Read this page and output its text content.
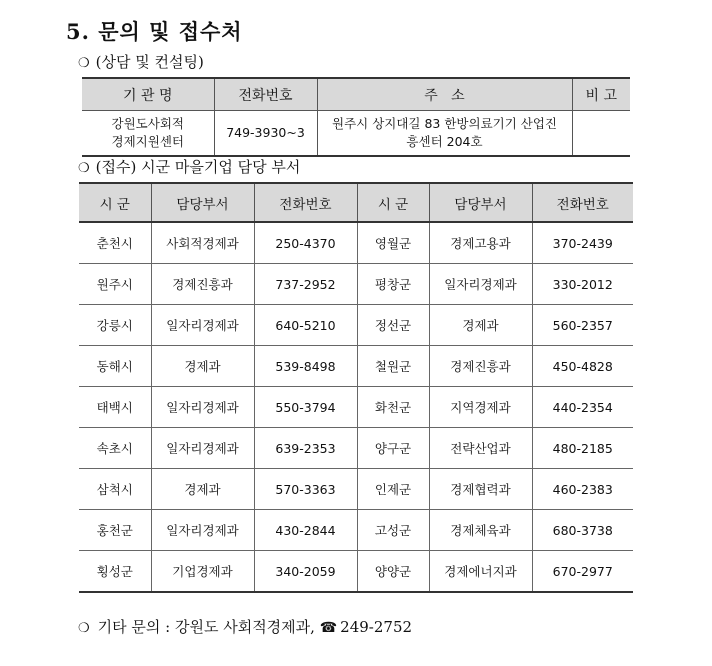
5. 문의 및 접수처
❍ (상담 및 컨설팅)
기 관 명	전화번호	주   소	비 고
강원도사회적
경제지원센터	749-3930~3	원주시 상지대길 83 한방의료기기 산업진
흥센터 204호	
❍ (접수) 시군 마을기업 담당 부서
시 군	담당부서	전화번호	시 군	담당부서	전화번호
춘천시	사회적경제과	250-4370	영월군	경제고용과	370-2439
원주시	경제진흥과	737-2952	평창군	일자리경제과	330-2012
강릉시	일자리경제과	640-5210	정선군	경제과	560-2357
동해시	경제과	539-8498	철원군	경제진흥과	450-4828
태백시	일자리경제과	550-3794	화천군	지역경제과	440-2354
속초시	일자리경제과	639-2353	양구군	전략산업과	480-2185
삼척시	경제과	570-3363	인제군	경제협력과	460-2383
홍천군	일자리경제과	430-2844	고성군	경제체육과	680-3738
횡성군	기업경제과	340-2059	양양군	경제에너지과	670-2977
❍ 기타 문의 : 강원도 사회적경제과, ☎ 249-2752
